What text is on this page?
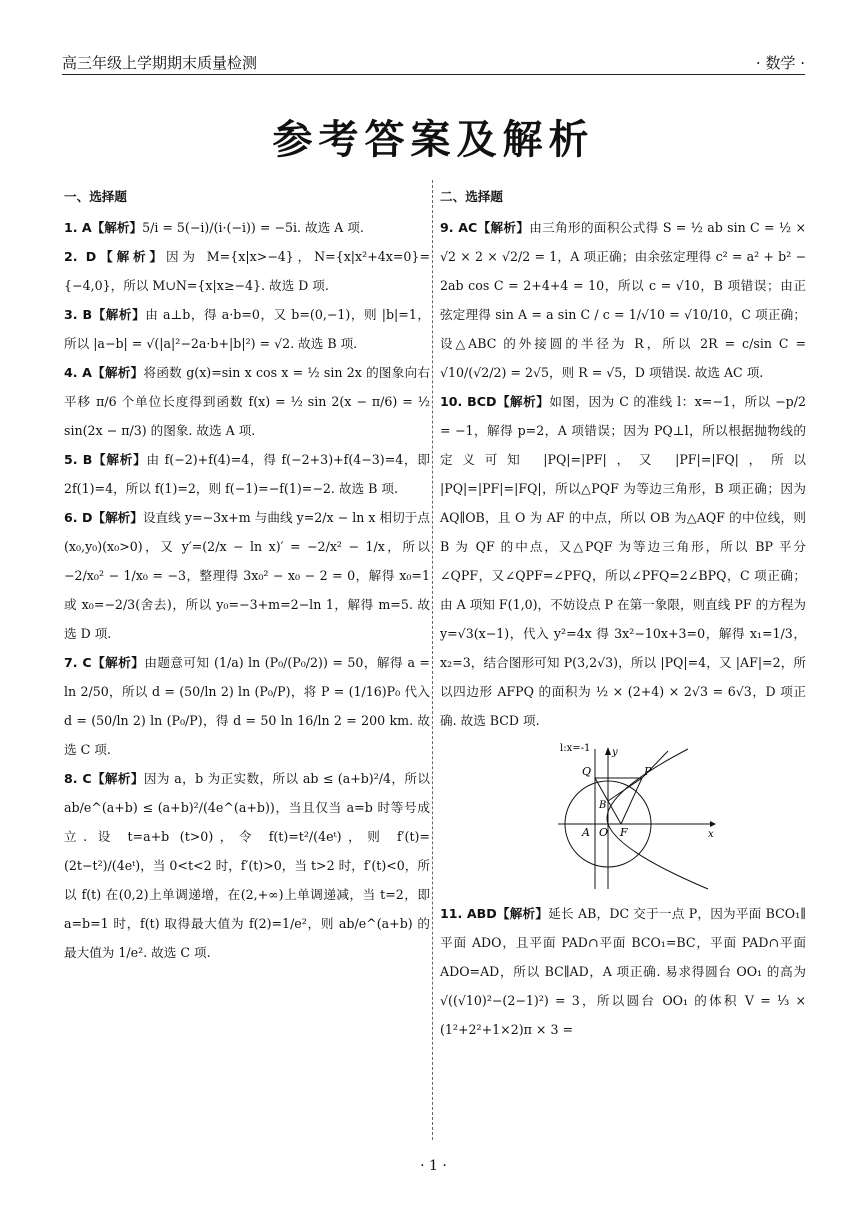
高三年级上学期期末质量检测	· 数学 ·
参考答案及解析
一、选择题
1. A【解析】5/i = 5(−i)/(i·(−i)) = −5i. 故选 A 项.
2. D【解析】因为 M={x|x>−4}，N={x|x²+4x=0}={−4,0}，所以 M∪N={x|x≥−4}. 故选 D 项.
3. B【解析】由 a⊥b，得 a·b=0，又 b=(0,−1)，则 |b|=1，所以 |a−b| = √(|a|²−2a·b+|b|²) = √2. 故选 B 项.
4. A【解析】将函数 g(x)=sin x cos x = ½ sin 2x 的图象向右平移 π/6 个单位长度得到函数 f(x) = ½ sin 2(x − π/6) = ½ sin(2x − π/3) 的图象. 故选 A 项.
5. B【解析】由 f(−2)+f(4)=4，得 f(−2+3)+f(4−3)=4，即 2f(1)=4，所以 f(1)=2，则 f(−1)=−f(1)=−2. 故选 B 项.
6. D【解析】设直线 y=−3x+m 与曲线 y=2/x − ln x 相切于点(x₀,y₀)(x₀>0)，又 y′=(2/x − ln x)′ = −2/x² − 1/x，所以 −2/x₀² − 1/x₀ = −3，整理得 3x₀² − x₀ − 2 = 0，解得 x₀=1 或 x₀=−2/3(舍去)，所以 y₀=−3+m=2−ln 1，解得 m=5. 故选 D 项.
7. C【解析】由题意可知 (1/a) ln (P₀/(P₀/2)) = 50，解得 a = ln 2/50，所以 d = (50/ln 2) ln (P₀/P)，将 P = (1/16)P₀ 代入 d = (50/ln 2) ln (P₀/P)，得 d = 50 ln 16/ln 2 = 200 km. 故选 C 项.
8. C【解析】因为 a，b 为正实数，所以 ab ≤ (a+b)²/4，所以 ab/e^(a+b) ≤ (a+b)²/(4e^(a+b))，当且仅当 a=b 时等号成立. 设 t=a+b (t>0)，令 f(t)=t²/(4eᵗ)，则 f′(t)=(2t−t²)/(4eᵗ)，当 0<t<2 时，f′(t)>0，当 t>2 时，f′(t)<0，所以 f(t) 在(0,2)上单调递增，在(2,+∞)上单调递减，当 t=2，即 a=b=1 时，f(t) 取得最大值为 f(2)=1/e²，则 ab/e^(a+b) 的最大值为 1/e². 故选 C 项.
二、选择题
9. AC【解析】由三角形的面积公式得 S = ½ ab sin C = ½ × √2 × 2 × √2/2 = 1，A 项正确；由余弦定理得 c² = a² + b² − 2ab cos C = 2+4+4 = 10，所以 c = √10，B 项错误；由正弦定理得 sin A = a sin C / c = 1/√10 = √10/10，C 项正确；设△ABC 的外接圆的半径为 R，所以 2R = c/sin C = √10/(√2/2) = 2√5，则 R = √5，D 项错误. 故选 AC 项.
10. BCD【解析】如图，因为 C 的准线 l：x=−1，所以 −p/2 = −1，解得 p=2，A 项错误；因为 PQ⊥l，所以根据抛物线的定义可知 |PQ|=|PF|，又 |PF|=|FQ|，所以 |PQ|=|PF|=|FQ|，所以△PQF 为等边三角形，B 项正确；因为 AQ∥OB，且 O 为 AF 的中点，所以 OB 为△AQF 的中位线，则 B 为 QF 的中点，又△PQF 为等边三角形，所以 BP 平分∠QPF，又∠QPF=∠PFQ，所以∠PFQ=2∠BPQ，C 项正确；由 A 项知 F(1,0)，不妨设点 P 在第一象限，则直线 PF 的方程为 y=√3(x−1)，代入 y²=4x 得 3x²−10x+3=0，解得 x₁=1/3，x₂=3，结合图形可知 P(3,2√3)，所以 |PQ|=4，又 |AF|=2，所以四边形 AFPQ 的面积为 ½ × (2+4) × 2√3 = 6√3，D 项正确. 故选 BCD 项.
l:x=-1 y
x
P
Q
B
A O F
11. ABD【解析】延长 AB，DC 交于一点 P，因为平面 BCO₁∥平面 ADO，且平面 PAD∩平面 BCO₁=BC，平面 PAD∩平面 ADO=AD，所以 BC∥AD，A 项正确. 易求得圆台 OO₁ 的高为 √((√10)²−(2−1)²) = 3，所以圆台 OO₁ 的体积 V = ⅓ × (1²+2²+1×2)π × 3 =
· 1 ·
